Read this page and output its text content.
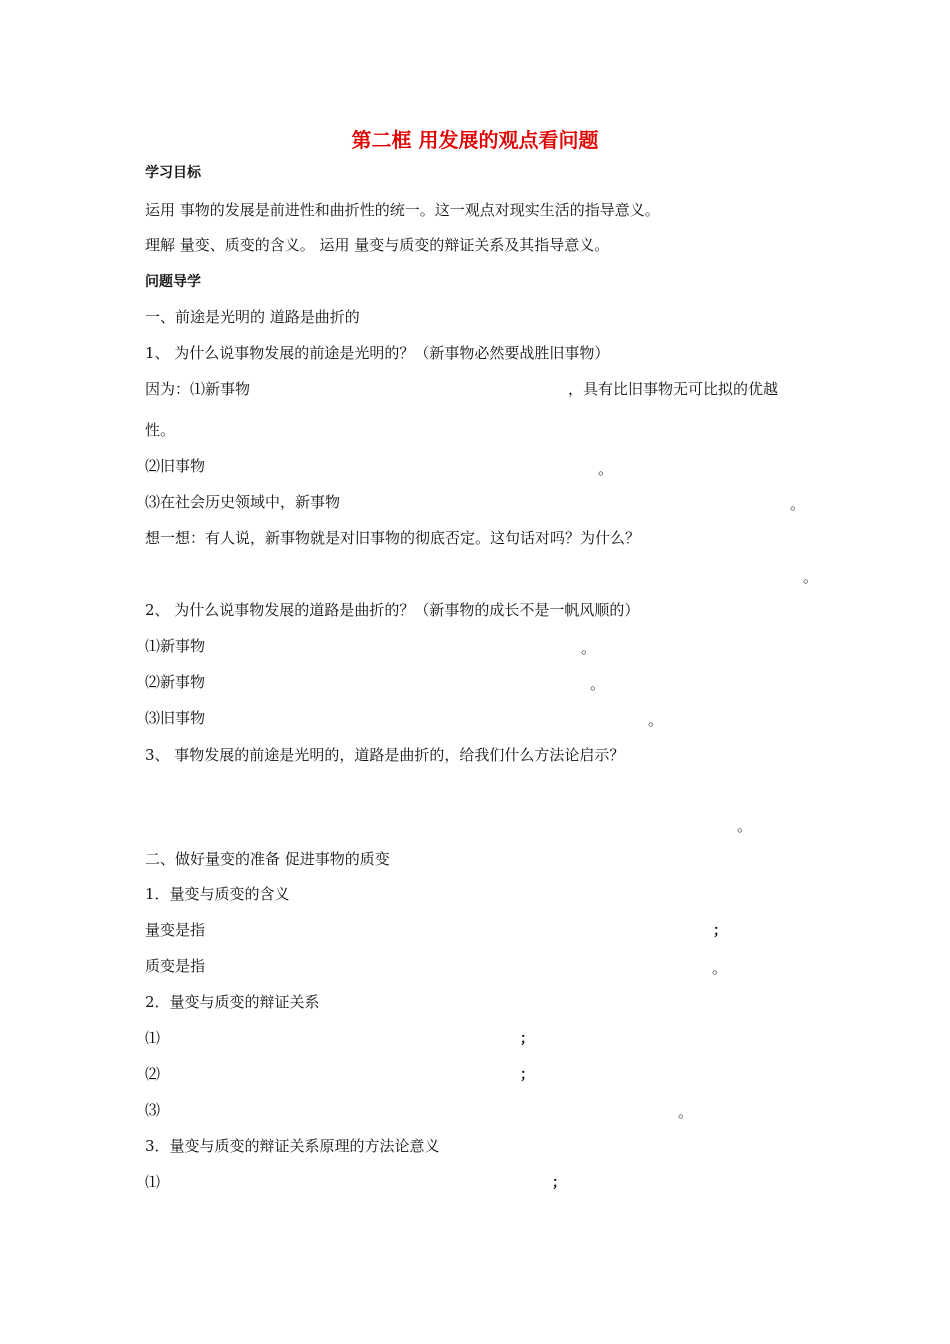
第二框 用发展的观点看问题
学习目标
运用 事物的发展是前进性和曲折性的统一。这一观点对现实生活的指导意义。
理解 量变、质变的含义。 运用 量变与质变的辩证关系及其指导意义。
问题导学
一、前途是光明的 道路是曲折的
1、 为什么说事物发展的前途是光明的？（新事物必然要战胜旧事物）
因为：⑴新事物	，具有比旧事物无可比拟的优越
性。
⑵旧事物	。
⑶在社会历史领域中，新事物	。
想一想：有人说，新事物就是对旧事物的彻底否定。这句话对吗？为什么？
。
2、 为什么说事物发展的道路是曲折的？（新事物的成长不是一帆风顺的）
⑴新事物	。
⑵新事物	。
⑶旧事物	。
3、 事物发展的前途是光明的，道路是曲折的，给我们什么方法论启示？
。
二、做好量变的准备 促进事物的质变
1．量变与质变的含义
量变是指	；
质变是指	。
2．量变与质变的辩证关系
⑴	；
⑵	；
⑶	。
3．量变与质变的辩证关系原理的方法论意义
⑴	；
